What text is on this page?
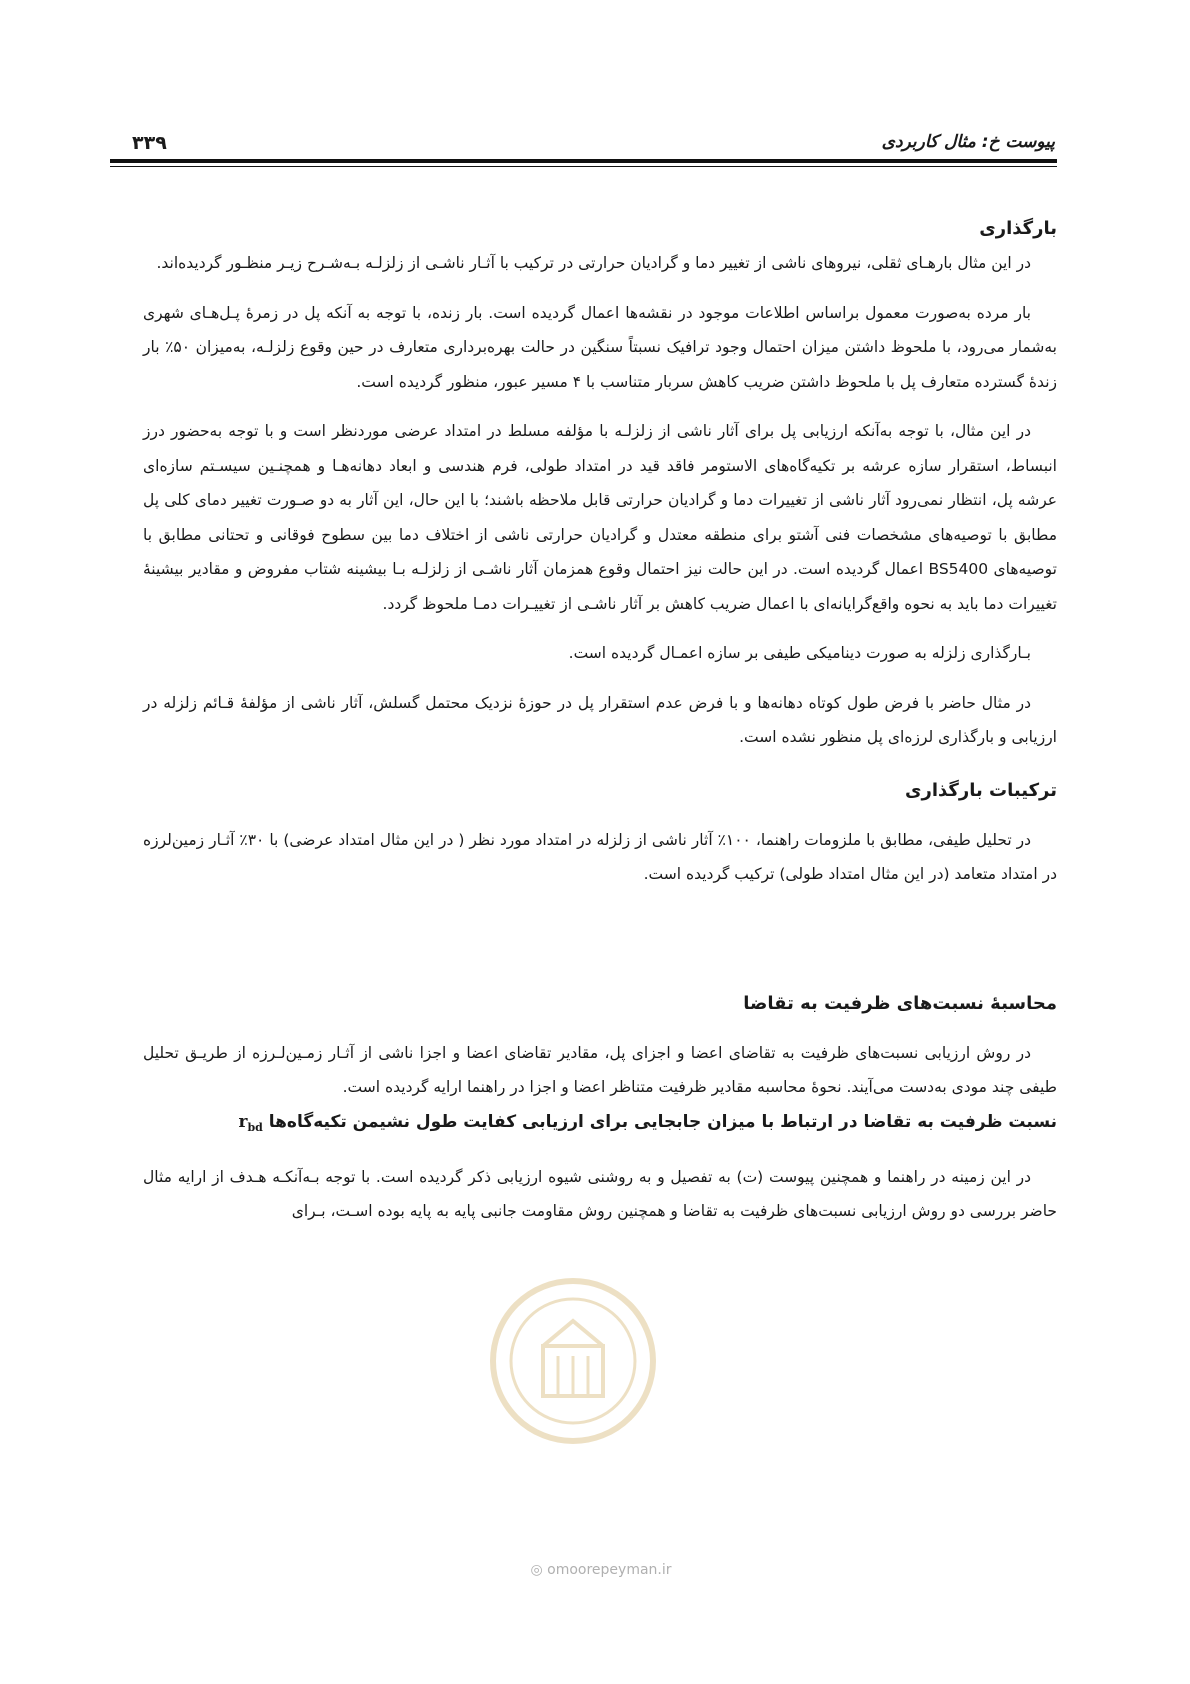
۳۳۹	پیوست خ: مثال کاربردی
بارگذاری

در این مثال بارهـای ثقلی، نیروهای ناشی از تغییر دما و گرادیان حرارتی در ترکیب با آثـار ناشـی از زلزلـه بـه‌شـرح زیـر منظـور گردیده‌اند.

بار مرده به‌صورت معمول براساس اطلاعات موجود در نقشه‌ها اعمال گردیده است. بار زنده، با توجه به آنکه پل در زمرۀ پـل‌هـای شهری به‌شمار می‌رود، با ملحوظ داشتن میزان احتمال وجود ترافیک نسبتاً سنگین در حالت بهره‌برداری متعارف در حین وقوع زلزلـه، به‌میزان ۵۰٪ بار زندۀ گسترده متعارف پل با ملحوظ داشتن ضریب کاهش سربار متناسب با ۴ مسیر عبور، منظور گردیده است.

در این مثال، با توجه به‌آنکه ارزیابی پل برای آثار ناشی از زلزلـه با مؤلفه مسلط در امتداد عرضی موردنظر است و با توجه به‌حضور درز انبساط، استقرار سازه عرشه بر تکیه‌گاه‌های الاستومر فاقد قید در امتداد طولی، فرم هندسی و ابعاد دهانه‌هـا و همچنـین سیسـتم سازه‌ای عرشه پل، انتظار نمی‌رود آثار ناشی از تغییرات دما و گرادیان حرارتی قابل ملاحظه باشند؛ با این حال، این آثار به دو صـورت تغییر دمای کلی پل مطابق با توصیه‌های مشخصات فنی آشتو برای منطقه معتدل و گرادیان حرارتی ناشی از اختلاف دما بین سطوح فوقانی و تحتانی مطابق با توصیه‌های BS5400 اعمال گردیده است. در این حالت نیز احتمال وقوع همزمان آثار ناشـی از زلزلـه بـا بیشینه شتاب مفروض و مقادیر بیشینۀ تغییرات دما باید به نحوه واقع‌گرایانه‌ای با اعمال ضریب کاهش بر آثار ناشـی از تغییـرات دمـا ملحوظ گردد.

بـارگذاری زلزله به صورت دینامیکی طیفی بر سازه اعمـال گردیده است.

در مثال حاضر با فرض طول کوتاه دهانه‌ها و با فرض عدم استقرار پل در حوزۀ نزدیک محتمل گسلش، آثار ناشی از مؤلفۀ قـائم زلزله در ارزیابی و بارگذاری لرزه‌ای پل منظور نشده است.

ترکیبات بارگذاری

در تحلیل طیفی، مطابق با ملزومات راهنما، ۱۰۰٪ آثار ناشی از زلزله در امتداد مورد نظر ( در این مثال امتداد عرضی) با ۳۰٪ آثـار زمین‌لرزه در امتداد متعامد (در این مثال امتداد طولی) ترکیب گردیده است.

محاسبۀ نسبت‌های ظرفیت به تقاضا

در روش ارزیابی نسبت‌های ظرفیت به تقاضای اعضا و اجزای پل، مقادیر تقاضای اعضا و اجزا ناشی از آثـار زمـین‌لـرزه از طریـق تحلیل طیفی چند مودی به‌دست می‌آیند. نحوۀ محاسبه مقادیر ظرفیت متناظر اعضا و اجزا در راهنما ارایه گردیده است.

نسبت ظرفیت به تقاضا در ارتباط با میزان جابجایی برای ارزیابی کفایت طول نشیمن تکیه‌گاه‌ها $r_{bd}$

در این زمینه در راهنما و همچنین پیوست (ت) به تفصیل و به روشنی شیوه ارزیابی ذکر گردیده است. با توجه بـه‌آنکـه هـدف از ارایه مثال حاضر بررسی دو روش ارزیابی نسبت‌های ظرفیت به تقاضا و همچنین روش مقاومت جانبی پایه به پایه بوده اسـت، بـرای

◎ omoorepeyman.ir
